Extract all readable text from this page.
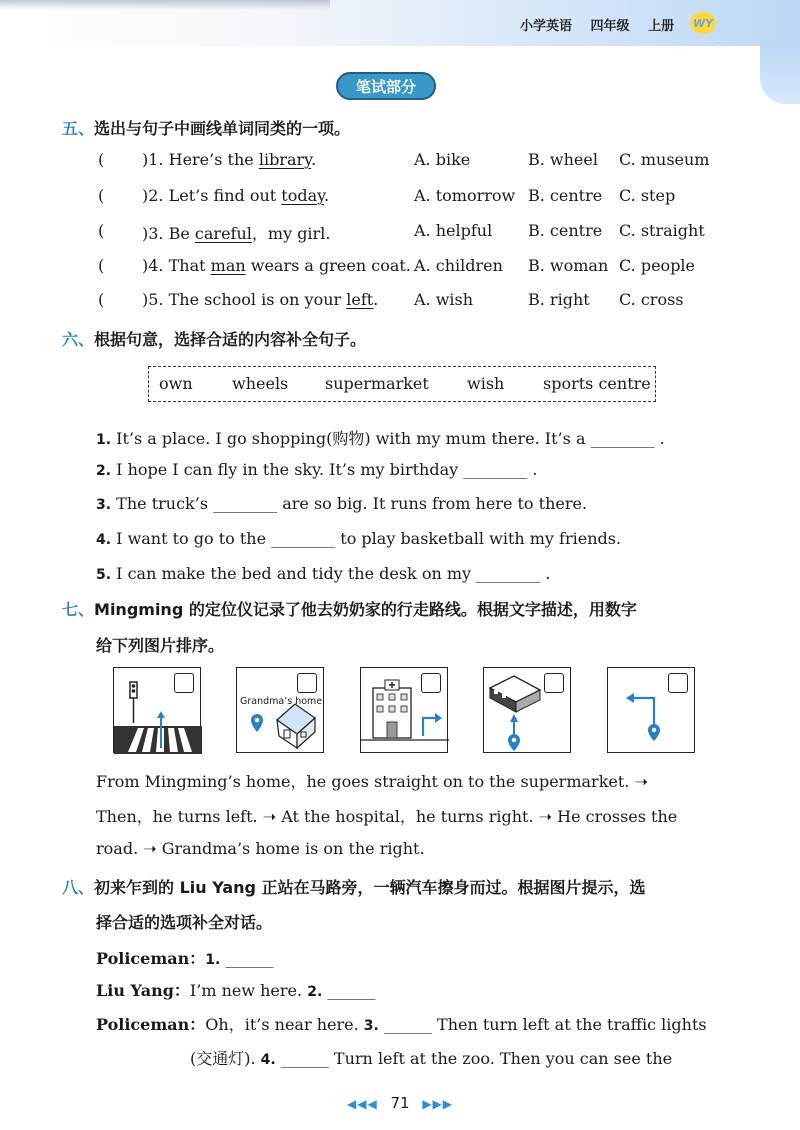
小学英语 四年级 上册	WY
笔试部分
五、选出与句子中画线单词同类的一项。
( )1. Here’s the library.	A. bike	B. wheel C. museum
( )2. Let’s find out today.	A. tomorrow B. centre C. step
( )3. Be careful，my girl.	A. helpful B. centre C. straight
( )4. That man wears a green coat. A. children B. woman C. people
( )5. The school is on your left. A. wish	B. right C. cross
六、根据句意，选择合适的内容补全句子。
own wheels supermarket wish sports centre
1. It’s a place. I go shopping(购物) with my mum there. It’s a ________ .
2. I hope I can fly in the sky. It’s my birthday ________ .
3. The truck’s ________ are so big. It runs from here to there.
4. I want to go to the ________ to play basketball with my friends.
5. I can make the bed and tidy the desk on my ________ .
七、Mingming 的定位仪记录了他去奶奶家的行走路线。根据文字描述，用数字
给下列图片排序。
Grandma’s home
From Mingming’s home，he goes straight on to the supermarket. ➝
Then，he turns left. ➝ At the hospital，he turns right. ➝ He crosses the
road. ➝ Grandma’s home is on the right.
八、初来乍到的 Liu Yang 正站在马路旁，一辆汽车擦身而过。根据图片提示，选
择合适的选项补全对话。
Policeman：1. ______
Liu Yang：I’m new here. 2. ______
Policeman：Oh，it’s near here. 3. ______ Then turn left at the traffic lights
(交通灯). 4. ______ Turn left at the zoo. Then you can see the
◀◀◀ 71 ▶▶▶
